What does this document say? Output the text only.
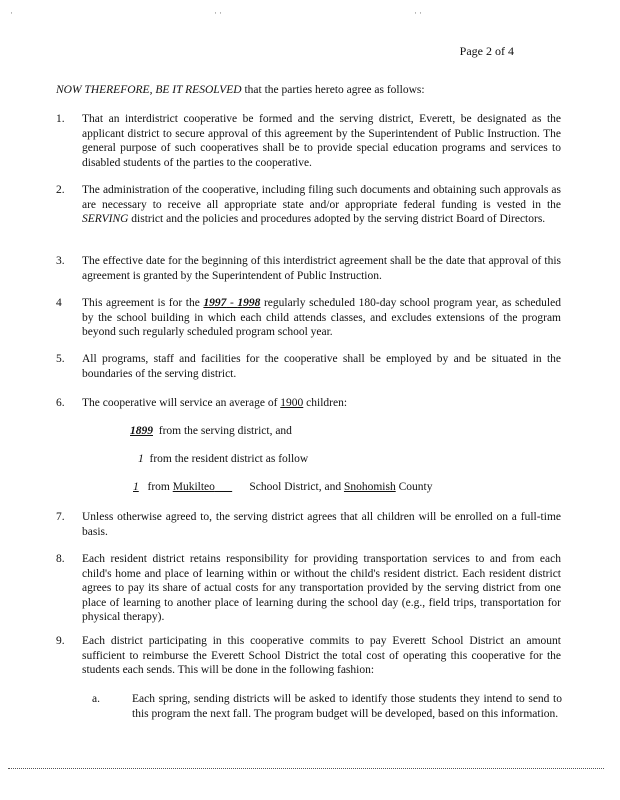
·	··	··
Page 2 of 4
NOW THEREFORE, BE IT RESOLVED that the parties hereto agree as follows:
1. That an interdistrict cooperative be formed and the serving district, Everett, be designated as the applicant district to secure approval of this agreement by the Superintendent of Public Instruction. The general purpose of such cooperatives shall be to provide special education programs and services to disabled students of the parties to the cooperative.
2. The administration of the cooperative, including filing such documents and obtaining such approvals as are necessary to receive all appropriate state and/or appropriate federal funding is vested in the SERVING district and the policies and procedures adopted by the serving district Board of Directors.
3. The effective date for the beginning of this interdistrict agreement shall be the date that approval of this agreement is granted by the Superintendent of Public Instruction.
4 This agreement is for the 1997 - 1998 regularly scheduled 180-day school program year, as scheduled by the school building in which each child attends classes, and excludes extensions of the program beyond such regularly scheduled program school year.
5. All programs, staff and facilities for the cooperative shall be employed by and be situated in the boundaries of the serving district.
6. The cooperative will service an average of 1900 children:
1899  from the serving district, and
1  from the resident district as follow
1  from Mukilteo            School District, and Snohomish County
7. Unless otherwise agreed to, the serving district agrees that all children will be enrolled on a full-time basis.
8. Each resident district retains responsibility for providing transportation services to and from each child's home and place of learning within or without the child's resident district. Each resident district agrees to pay its share of actual costs for any transportation provided by the serving district from one place of learning to another place of learning during the school day (e.g., field trips, transportation for physical therapy).
9. Each district participating in this cooperative commits to pay Everett School District an amount sufficient to reimburse the Everett School District the total cost of operating this cooperative for the students each sends. This will be done in the following fashion:
a.	Each spring, sending districts will be asked to identify those students they intend to send to this program the next fall. The program budget will be developed, based on this information.
